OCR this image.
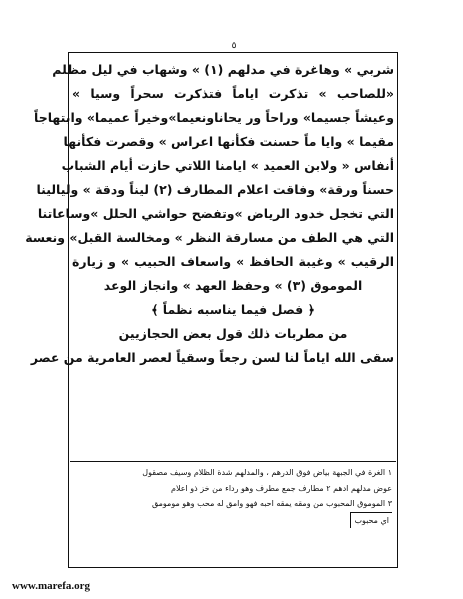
٥
شربي » وهاغرة في مدلهم (١) » وشهاب في ليل مظلم
«للصاحب » تذكرت اياماً فتذكرت سحراً وسيا »
وعيشاً جسيما» وراحاً ور يحاناونعيما»وخيراً عميما» وابتهاجاً
مقيما » وايا ماً حسنت فكأنها اعراس » وقصرت فكأنها
أنفاس « ولابن العميد » ايامنا اللاتي حازت أيام الشباب
حسناً ورقة» وفاقت اعلام المطارف (٢) ليناً ودقة » وليالينا
التي تخجل خدود الرياض »وتفضح حواشي الحلل »وساعاتنا
التي هي الطف من مسارقة النظر » ومخالسة القبل» ونعسة
الرقيب » وغيبة الحافظ » واسعاف الحبيب » و زيارة
الموموق (٣) » وحفظ العهد » وانجاز الوعد
﴿ فصل فيما يناسبه نظماً ﴾
من مطربات ذلك قول بعض الحجازيين
سقى الله اياماً لنا لسن رجعاً وسقياً لعصر العامرية من عصر
١ الغرة في الجبهة بياض فوق الدرهم ، والمدلهم شدة الظلام وسيف مصقول
عوض مدلهم ادهم ٢ مطارف جمع مطرف وهو رداء من خز ذو اعلام
٣ الموموق المحبوب من ومقه يمقه احبه فهو وامق له محب وهو مومومق
اي محبوب
www.marefa.org
